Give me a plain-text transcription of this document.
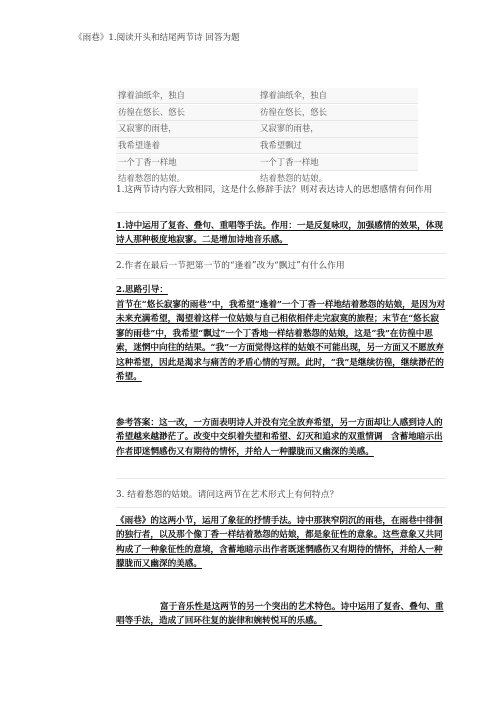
《雨巷》1.阅读开头和结尾两节诗 回答为题
撑着油纸伞，独自
彷徨在悠长、悠长
又寂寥的雨巷，
我希望逢着
一个丁香一样地
结着愁怨的姑娘。
撑着油纸伞，独自
彷徨在悠长，悠长
又寂寥的雨巷，
我希望飘过
一个丁香一样地
结着愁怨的姑娘。
1.这两节诗内容大致相同，这是什么修辞手法？则对表达诗人的思想感情有何作用
1.诗中运用了复沓、叠句、重唱等手法。作用：一是反复咏叹，加强感情的效果，体现诗人那种极度地寂寥。二是增加诗地音乐感。
2.作者在最后一节把第一节的“逢着”改为“飘过”有什么作用
2.思路引导：
首节在“悠长寂寥的雨巷”中，我希望“逢着”一个丁香一样地结着愁怨的姑娘，是因为对未来充满希望，渴望着这样一位姑娘与自己相依相伴走完寂寞的旅程；末节在“悠长寂寥的雨巷”中，我希望“飘过”一个丁香地一样结着愁怨的姑娘，这是“我”在彷徨中思索，迷惘中向往的结果。“我”一方面觉得这样的姑娘不可能出现，另一方面又不愿放弃这种希望，因此是渴求与痛苦的矛盾心情的写照。此时，“我”是继续彷徨，继续渺茫的希望。
参考答案：这一改，一方面表明诗人并没有完全放弃希望，另一方面却让人感到诗人的希望越来越渺茫了。改变中交织着失望和希望、幻灭和追求的双重情调　含蓄地暗示出作者即迷惘感伤又有期待的情怀，并给人一种朦胧而又幽深的美感。
3. 结着愁怨的姑娘。请问这两节在艺术形式上有何特点？
《雨巷》的这两小节，运用了象征的抒情手法。诗中那狭窄阴沉的雨巷，在雨巷中徘徊的独行者，以及那个像丁香一样结着愁怨的姑娘，都是象征性的意象。这些意象又共同构成了一种象征性的意境，含蓄地暗示出作者既迷惘感伤又有期待的情怀，并给人一种朦胧而又幽深的美感。
富于音乐性是这两节的另一个突出的艺术特色。诗中运用了复沓、叠句、重唱等手法，造成了回环往复的旋律和婉转悦耳的乐感。
